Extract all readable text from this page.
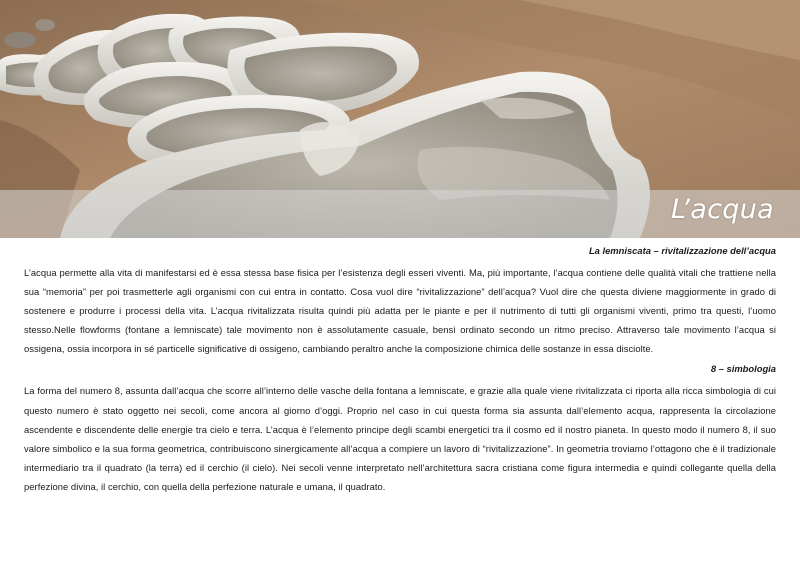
L’acqua
La lemniscata – rivitalizzazione dell’acqua

L’acqua permette alla vita di manifestarsi ed è essa stessa base fisica per l’esistenza degli esseri viventi. Ma, più importante, l’acqua contiene delle qualità vitali che trattiene nella sua “memoria” per poi trasmetterle agli organismi con cui entra in contatto. Cosa vuol dire “rivitalizzazione” dell’acqua? Vuol dire che questa diviene maggiormente in grado di sostenere e produrre i processi della vita. L’acqua rivitalizzata risulta quindi più adatta per le piante e per il nutrimento di tutti gli organismi viventi, primo tra questi, l’uomo stesso.Nelle flowforms (fontane a lemniscate) tale movimento non è assolutamente casuale, bensì ordinato secondo un ritmo preciso. Attraverso tale movimento l’acqua si ossigena, ossia incorpora in sé particelle significative di ossigeno, cambiando peraltro anche la composizione chimica delle sostanze in essa disciolte.

8 – simbologia

La forma del numero 8, assunta dall’acqua che scorre all’interno delle vasche della fontana a lemniscate, e grazie alla quale viene rivitalizzata ci riporta alla ricca simbologia di cui questo numero è stato oggetto nei secoli, come ancora al giorno d’oggi. Proprio nel caso in cui questa forma sia assunta dall’elemento acqua, rappresenta la circolazione ascendente e discendente delle energie tra cielo e terra. L’acqua è l’elemento principe degli scambi energetici tra il cosmo ed il nostro pianeta. In questo modo il numero 8, il suo valore simbolico e la sua forma geometrica, contribuiscono sinergicamente all’acqua a compiere un lavoro di “rivitalizzazione”. In geometria troviamo l’ottagono che è il tradizionale intermediario tra il quadrato (la terra) ed il cerchio (il cielo). Nei secoli venne interpretato nell’architettura sacra cristiana come figura intermedia e quindi collegante quella della perfezione divina, il cerchio, con quella della perfezione naturale e umana, il quadrato.
